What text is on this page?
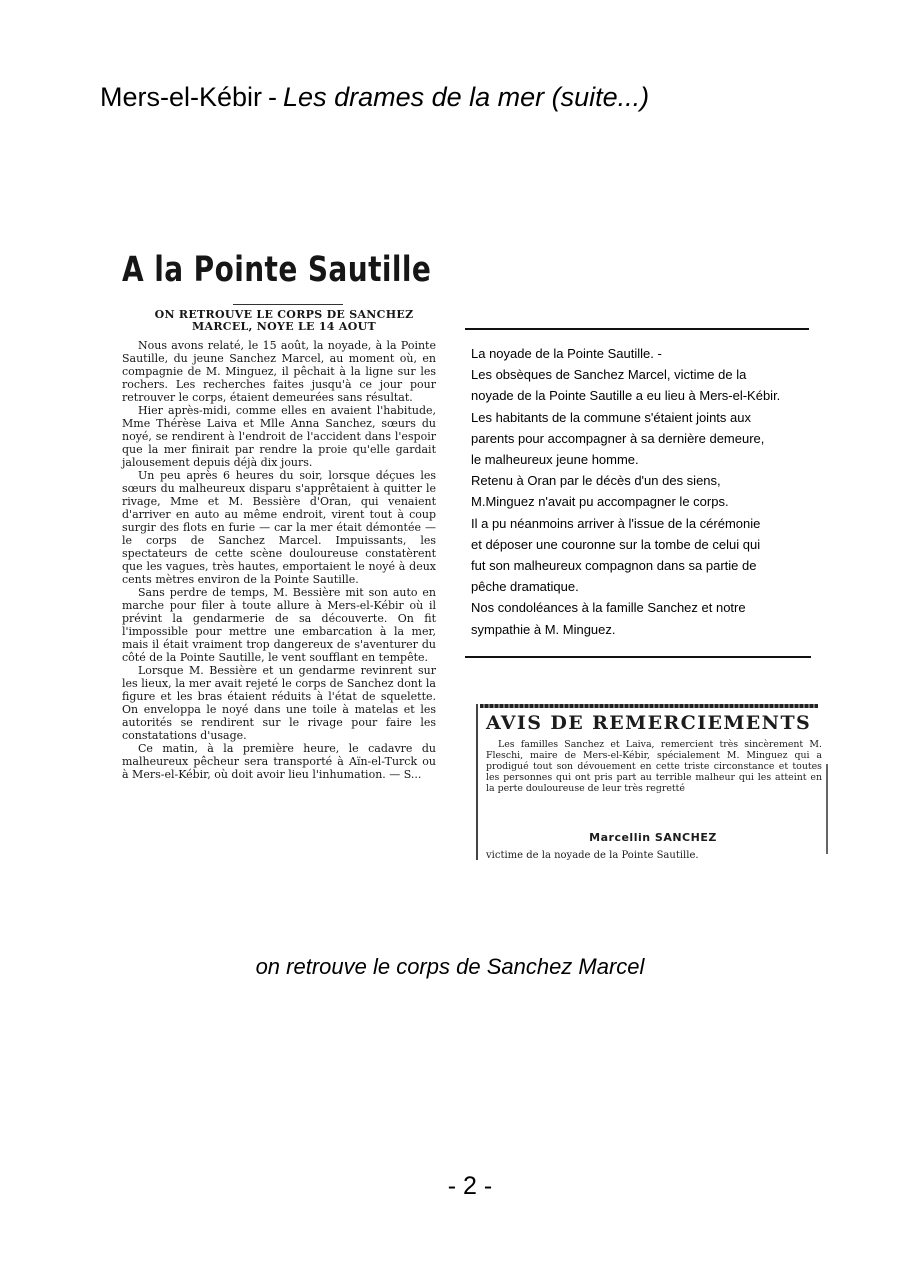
Mers-el-Kébir - Les drames de la mer (suite...)
A la Pointe Sautille
ON RETROUVE LE CORPS DE SANCHEZ
MARCEL, NOYE LE 14 AOUT

Nous avons relaté, le 15 août, la noyade, à la Pointe Sautille, du jeune Sanchez Marcel, au moment où, en compagnie de M. Minguez, il pêchait à la ligne sur les rochers. Les recherches faites jusqu'à ce jour pour retrouver le corps, étaient demeurées sans résultat.

Hier après-midi, comme elles en avaient l'habitude, Mme Thérèse Laiva et Mlle Anna Sanchez, sœurs du noyé, se rendirent à l'endroit de l'accident dans l'espoir que la mer finirait par rendre la proie qu'elle gardait jalousement depuis déjà dix jours.

Un peu après 6 heures du soir, lorsque déçues les sœurs du malheureux disparu s'apprêtaient à quitter le rivage, Mme et M. Bessière d'Oran, qui venaient d'arriver en auto au même endroit, virent tout à coup surgir des flots en furie — car la mer était démontée — le corps de Sanchez Marcel. Impuissants, les spectateurs de cette scène douloureuse constatèrent que les vagues, très hautes, emportaient le noyé à deux cents mètres environ de la Pointe Sautille.

Sans perdre de temps, M. Bessière mit son auto en marche pour filer à toute allure à Mers-el-Kébir où il prévint la gendarmerie de sa découverte. On fit l'impossible pour mettre une embarcation à la mer, mais il était vraiment trop dangereux de s'aventurer du côté de la Pointe Sautille, le vent soufflant en tempête.

Lorsque M. Bessière et un gendarme revinrent sur les lieux, la mer avait rejeté le corps de Sanchez dont la figure et les bras étaient réduits à l'état de squelette. On enveloppa le noyé dans une toile à matelas et les autorités se rendirent sur le rivage pour faire les constatations d'usage.

Ce matin, à la première heure, le cadavre du malheureux pêcheur sera transporté à Aïn-el-Turck ou à Mers-el-Kébir, où doit avoir lieu l'inhumation. — S...

La noyade de la Pointe Sautille. -
Les obsèques de Sanchez Marcel, victime de la
noyade de la Pointe Sautille a eu lieu à Mers-el-Kébir.
Les habitants de la commune s'étaient joints aux
parents pour accompagner à sa dernière demeure,
le malheureux jeune homme.
Retenu à Oran par le décès d'un des siens,
M.Minguez n'avait pu accompagner le corps.
Il a pu néanmoins arriver à l'issue de la cérémonie
et déposer une couronne sur la tombe de celui qui
fut son malheureux compagnon dans sa partie de
pêche dramatique.
Nos condoléances à la famille Sanchez et notre
sympathie à M. Minguez.
AVIS DE REMERCIEMENTS
Les familles Sanchez et Laiva, remercient très sincèrement M. Fleschi, maire de Mers-el-Kébir, spécialement M. Minguez qui a prodigué tout son dévouement en cette triste circonstance et toutes les personnes qui ont pris part au terrible malheur qui les atteint en la perte douloureuse de leur très regretté
Marcellin SANCHEZ
victime de la noyade de la Pointe Sautille.
on retrouve le corps de Sanchez Marcel
- 2 -
